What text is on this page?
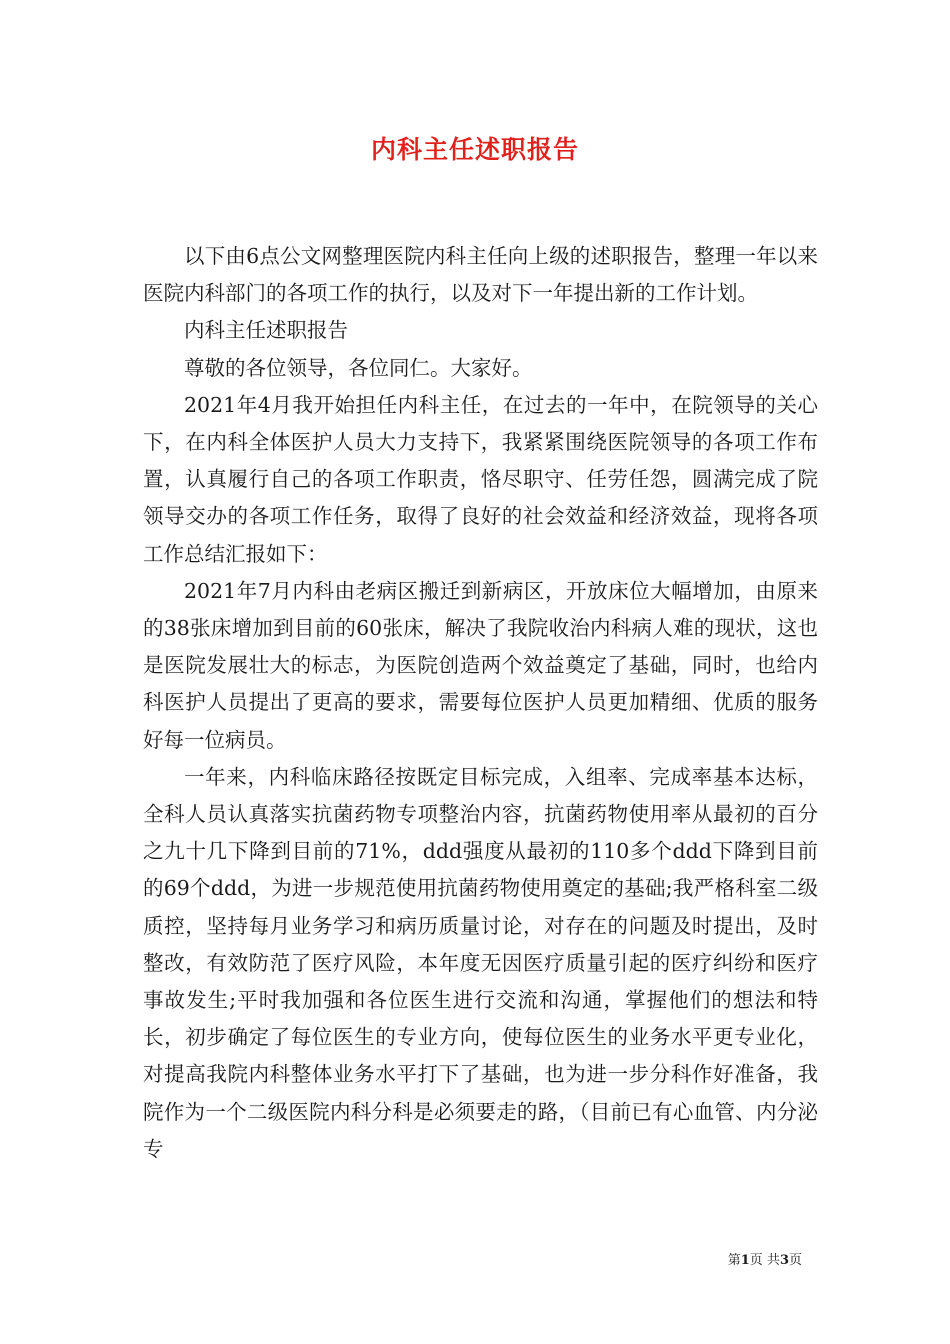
内科主任述职报告

以下由6点公文网整理医院内科主任向上级的述职报告，整理一年以来医院内科部门的各项工作的执行，以及对下一年提出新的工作计划。

内科主任述职报告

尊敬的各位领导，各位同仁。大家好。

2021年4月我开始担任内科主任，在过去的一年中，在院领导的关心下，在内科全体医护人员大力支持下，我紧紧围绕医院领导的各项工作布置，认真履行自己的各项工作职责，恪尽职守、任劳任怨，圆满完成了院领导交办的各项工作任务，取得了良好的社会效益和经济效益，现将各项工作总结汇报如下：

2021年7月内科由老病区搬迁到新病区，开放床位大幅增加，由原来的38张床增加到目前的60张床，解决了我院收治内科病人难的现状，这也是医院发展壮大的标志，为医院创造两个效益奠定了基础，同时，也给内科医护人员提出了更高的要求，需要每位医护人员更加精细、优质的服务好每一位病员。

一年来，内科临床路径按既定目标完成，入组率、完成率基本达标，全科人员认真落实抗菌药物专项整治内容，抗菌药物使用率从最初的百分之九十几下降到目前的71%，ddd强度从最初的110多个ddd下降到目前的69个ddd，为进一步规范使用抗菌药物使用奠定的基础;我严格科室二级质控，坚持每月业务学习和病历质量讨论，对存在的问题及时提出，及时整改，有效防范了医疗风险，本年度无因医疗质量引起的医疗纠纷和医疗事故发生;平时我加强和各位医生进行交流和沟通，掌握他们的想法和特长，初步确定了每位医生的专业方向，使每位医生的业务水平更专业化，对提高我院内科整体业务水平打下了基础，也为进一步分科作好准备，我院作为一个二级医院内科分科是必须要走的路，（目前已有心血管、内分泌专

第1页 共3页
